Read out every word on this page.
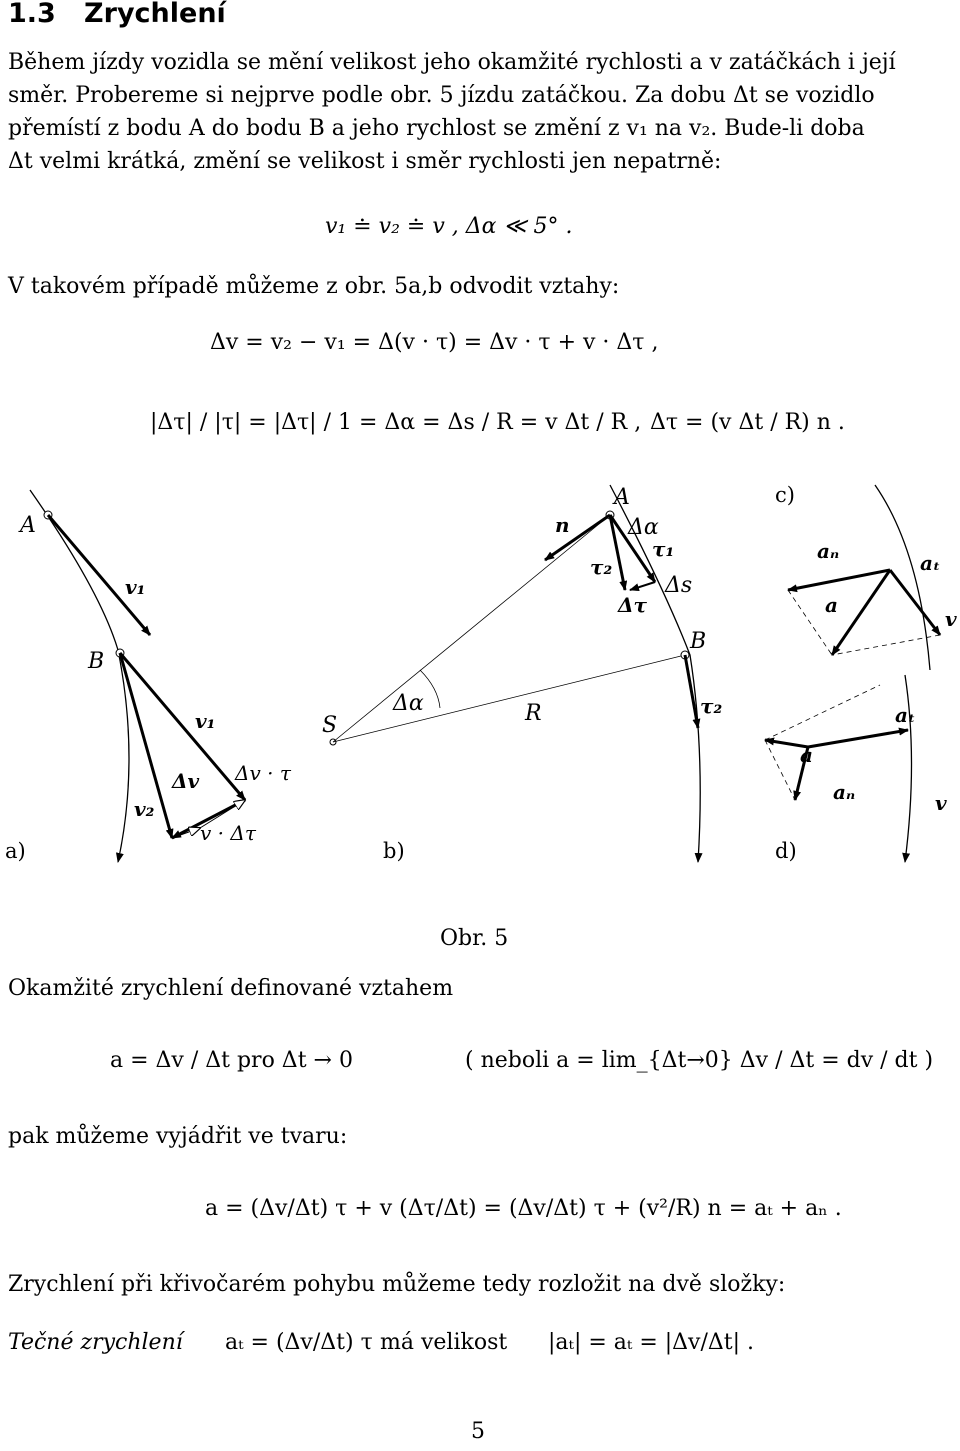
1.3 Zrychlení
Během jízdy vozidla se mění velikost jeho okamžité rychlosti a v zatáčkách i její
směr. Probereme si nejprve podle obr. 5 jízdu zatáčkou. Za dobu Δt se vozidlo
přemístí z bodu A do bodu B a jeho rychlost se změní z v₁ na v₂. Bude-li doba
Δt velmi krátká, změní se velikost i směr rychlosti jen nepatrně:
v₁ ≐ v₂ ≐ v , Δα ≪ 5° .
V takovém případě můžeme z obr. 5a,b odvodit vztahy:
Δv = v₂ − v₁ = Δ(v · τ) = Δv · τ + v · Δτ ,
|Δτ| / |τ| = |Δτ| / 1 = Δα = Δs / R = v Δt / R , Δτ = (v Δt / R) n .
A
B
v₁
v₁
v₂
Δv Δv · τ
v · Δτ
a)
A
B
S	R
Δα
Δα
n
τ₁
τ₂
Δs
Δτ
τ₂
b)
c)
aₙ	aₜ
a
v
aₜ
a
aₙ	v
d)
Obr. 5
Okamžité zrychlení definované vztahem
a = Δv / Δt pro Δt → 0	( neboli a = lim_{Δt→0} Δv / Δt = dv / dt )
pak můžeme vyjádřit ve tvaru:
a = (Δv/Δt) τ + v (Δτ/Δt) = (Δv/Δt) τ + (v²/R) n = aₜ + aₙ .
Zrychlení při křivočarém pohybu můžeme tedy rozložit na dvě složky:
Tečné zrychlení aₜ = (Δv/Δt) τ má velikost |aₜ| = aₜ = |Δv/Δt| .
5
